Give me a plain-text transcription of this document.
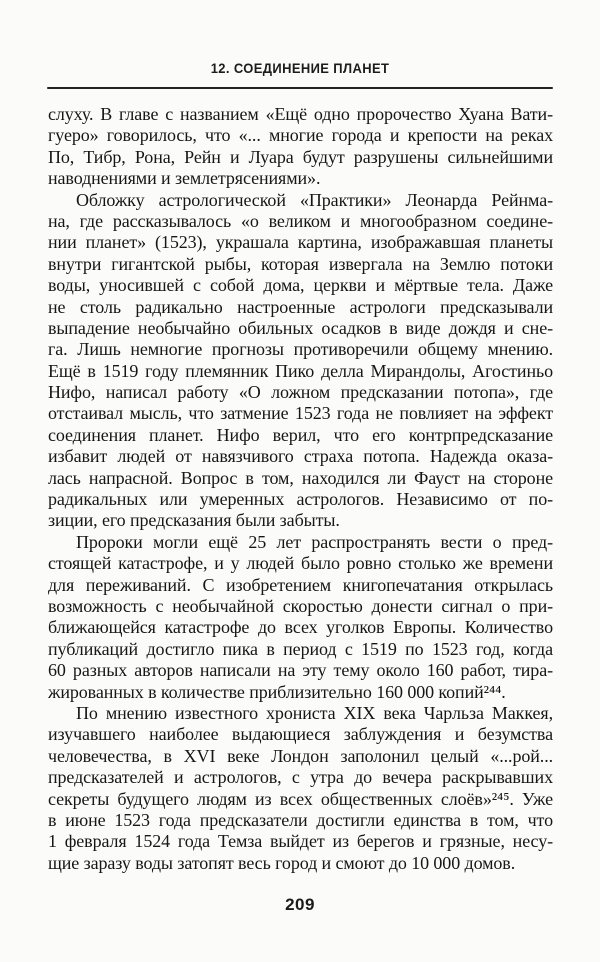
12. СОЕДИНЕНИЕ ПЛАНЕТ
слуху. В главе с названием «Ещё одно пророчество Хуана Вати-
гуеро» говорилось, что «... многие города и крепости на реках
По, Тибр, Рона, Рейн и Луара будут разрушены сильнейшими
наводнениями и землетрясениями».
Обложку астрологической «Практики» Леонарда Рейнма-
на, где рассказывалось «о великом и многообразном соедине-
нии планет» (1523), украшала картина, изображавшая планеты
внутри гигантской рыбы, которая извергала на Землю потоки
воды, уносившей с собой дома, церкви и мёртвые тела. Даже
не столь радикально настроенные астрологи предсказывали
выпадение необычайно обильных осадков в виде дождя и сне-
га. Лишь немногие прогнозы противоречили общему мнению.
Ещё в 1519 году племянник Пико делла Мирандолы, Агостиньо
Нифо, написал работу «О ложном предсказании потопа», где
отстаивал мысль, что затмение 1523 года не повлияет на эффект
соединения планет. Нифо верил, что его контрпредсказание
избавит людей от навязчивого страха потопа. Надежда оказа-
лась напрасной. Вопрос в том, находился ли Фауст на стороне
радикальных или умеренных астрологов. Независимо от по-
зиции, его предсказания были забыты.
Пророки могли ещё 25 лет распространять вести о пред-
стоящей катастрофе, и у людей было ровно столько же времени
для переживаний. С изобретением книгопечатания открылась
возможность с необычайной скоростью донести сигнал о при-
ближающейся катастрофе до всех уголков Европы. Количество
публикаций достигло пика в период с 1519 по 1523 год, когда
60 разных авторов написали на эту тему около 160 работ, тира-
жированных в количестве приблизительно 160 000 копий²⁴⁴.
По мнению известного хрониста XIX века Чарльза Маккея,
изучавшего наиболее выдающиеся заблуждения и безумства
человечества, в XVI веке Лондон заполонил целый «...рой...
предсказателей и астрологов, с утра до вечера раскрывавших
секреты будущего людям из всех общественных слоёв»²⁴⁵. Уже
в июне 1523 года предсказатели достигли единства в том, что
1 февраля 1524 года Темза выйдет из берегов и грязные, несу-
щие заразу воды затопят весь город и смоют до 10 000 домов.
209
